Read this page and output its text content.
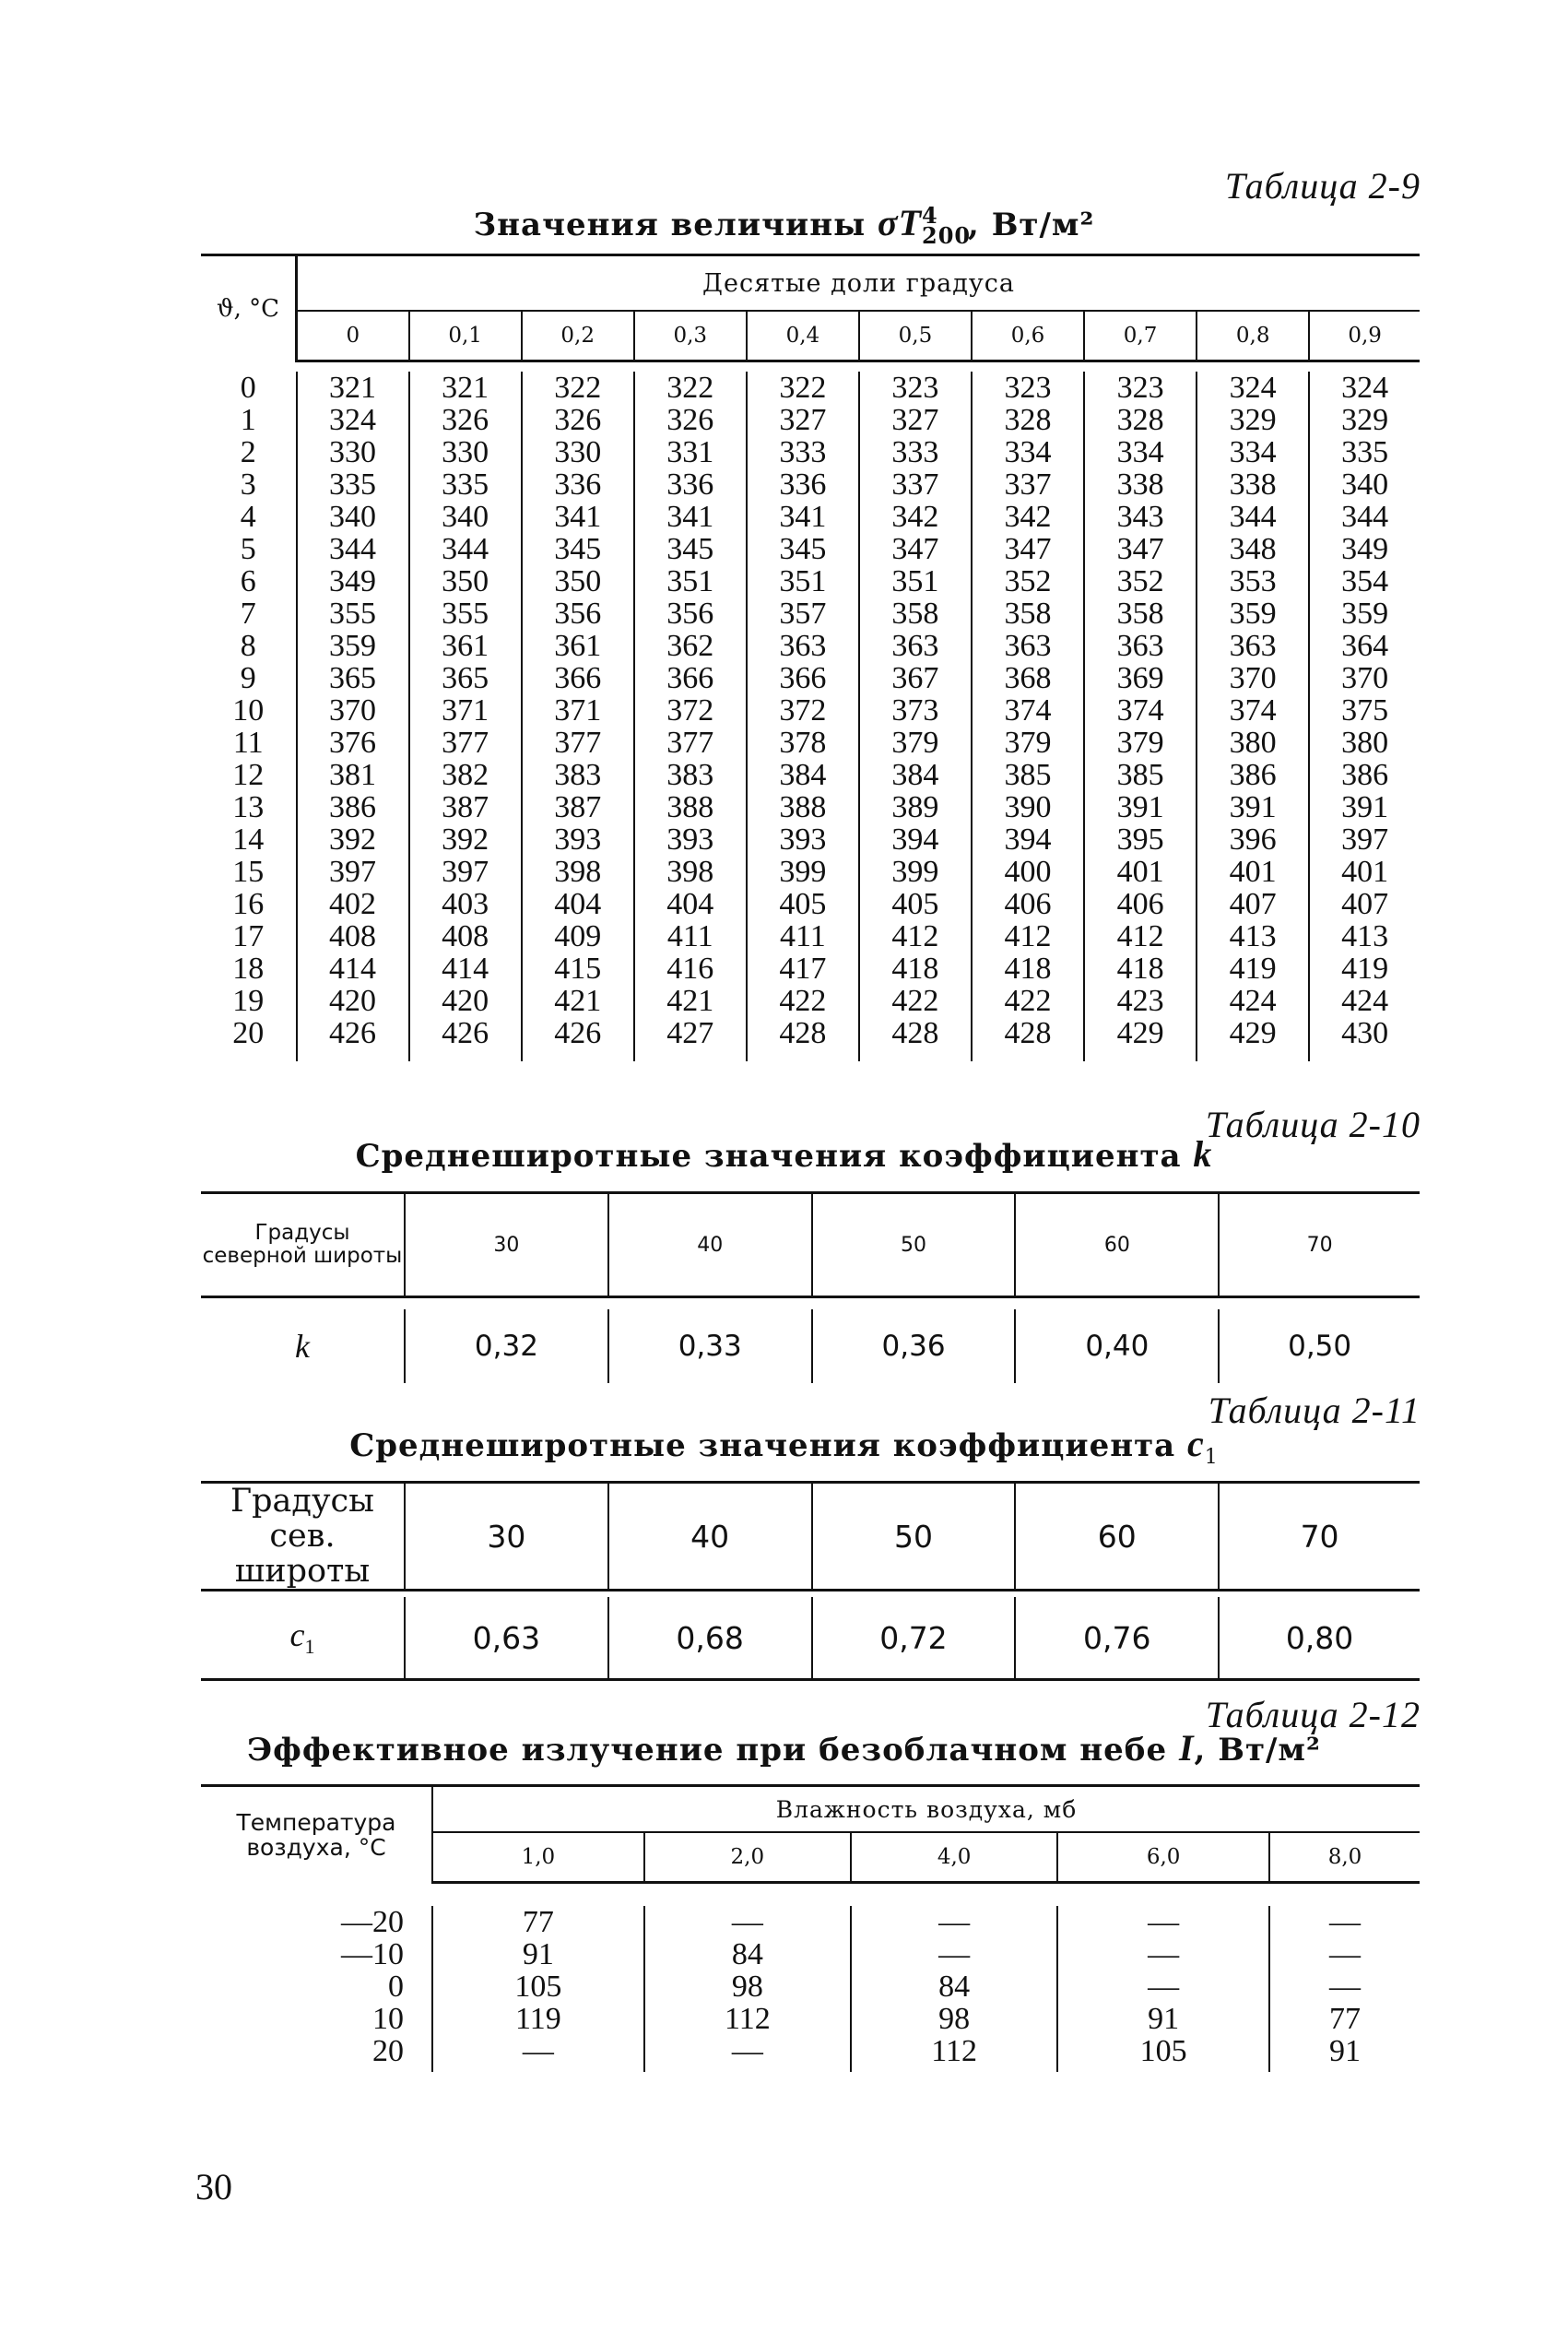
Таблица 2-9
Значения величины σT 4
200
, Вт/м²
ϑ, °С	Десятые доли градуса									
	0	0,1	0,2	0,3	0,4	0,5	0,6	0,7	0,8	0,9

0	321	321	322	322	322	323	323	323	324	324
1	324	326	326	326	327	327	328	328	329	329
2	330	330	330	331	333	333	334	334	334	335
3	335	335	336	336	336	337	337	338	338	340
4	340	340	341	341	341	342	342	343	344	344
5	344	344	345	345	345	347	347	347	348	349
6	349	350	350	351	351	351	352	352	353	354
7	355	355	356	356	357	358	358	358	359	359
8	359	361	361	362	363	363	363	363	363	364
9	365	365	366	366	366	367	368	369	370	370
10	370	371	371	372	372	373	374	374	374	375
11	376	377	377	377	378	379	379	379	380	380
12	381	382	383	383	384	384	385	385	386	386
13	386	387	387	388	388	389	390	391	391	391
14	392	392	393	393	393	394	394	395	396	397
15	397	397	398	398	399	399	400	401	401	401
16	402	403	404	404	405	405	406	406	407	407
17	408	408	409	411	411	412	412	412	413	413
18	414	414	415	416	417	418	418	418	419	419
19	420	420	421	421	422	422	422	423	424	424
20	426	426	426	427	428	428	428	429	429	430
Таблица 2-10
Среднеширотные значения коэффициента k
Градусы северной широты	30	40	50	60	70

k	0,32	0,33	0,36	0,40	0,50
Таблица 2-11
Среднеширотные значения коэффициента $c_1$
Градусы сев. широты	30	40	50	60	70

$c_1$	0,63	0,68	0,72	0,76	0,80
Таблица 2-12
Эффективное излучение при безоблачном небе I, Вт/м²
Температура воздуха, °С	Влажность воздуха, мб				
	1,0	2,0	4,0	6,0	8,0

—20	77	—	—	—	—
—10	91	84	—	—	—
0	105	98	84	—	—
10	119	112	98	91	77
20	—	—	112	105	91
30
